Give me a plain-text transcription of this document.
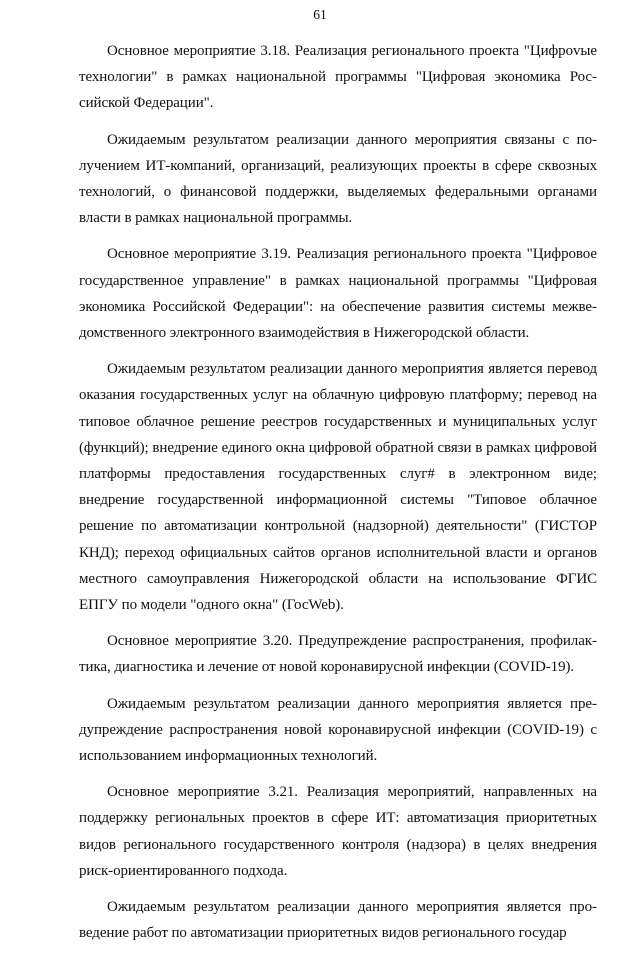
61

Основное мероприятие 3.18. Реализация регионального проекта "Цифроvые технологии" в рамках национальной программы "Цифровая экономика Российской Федерации".

Ожидаемым результатом реализации данного мероприятия связаны с получением ИТ-компаний, организаций, реализующих проекты в сфере сквозных технологий, о финансовой поддержки, выделяемых федеральными органами власти в рамках национальной программы.

Основное мероприятие 3.19. Реализация регионального проекта "Цифровое государственное управление" в рамках национальной программы "Цифровая экономика Российской Федерации": на обеспечение развития системы межведомственного электронного взаимодействия в Нижегородской области.

Ожидаемым результатом реализации данного мероприятия является перевод оказания государственных услуг на облачную цифровую платформу; перевод на типовое облачное решение реестров государственных и муниципальных услуг (функций); внедрение единого окна цифровой обратной связи в рамках цифровой платформы предоставления государственных слуг# в электронном виде; внедрение государственной информационной системы "Типовое облачное решение по автоматизации контрольной (надзорной) деятельности" (ГИСТОР КНД); переход официальных сайтов органов исполнительной власти и органов местного самоуправления Нижегородской области на использование ФГИС ЕПГУ по модели "одного окна" (ГосWeb).

Основное мероприятие 3.20. Предупреждение распространения, профилактика, диагностика и лечение от новой коронавирусной инфекции (COVID-19).

Ожидаемым результатом реализации данного мероприятия является предупреждение распространения новой коронавирусной инфекции (COVID-19) с использованием информационных технологий.

Основное мероприятие 3.21. Реализация мероприятий, направленных на поддержку региональных проектов в сфере ИТ: автоматизация приоритетных видов регионального государственного контроля (надзора) в целях внедрения риск-ориентированного подхода.

Ожидаемым результатом реализации данного мероприятия является проведение работ по автоматизации приоритетных видов регионального государ
